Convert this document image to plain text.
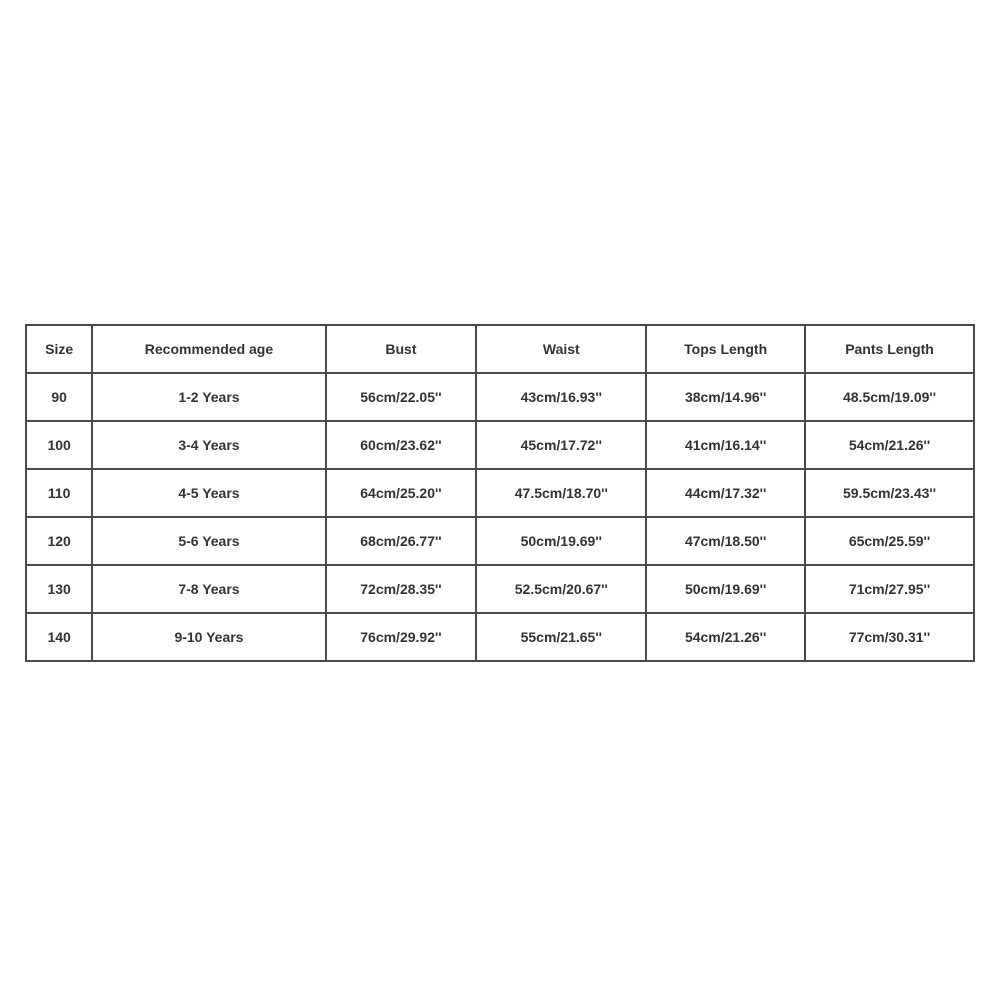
Size	Recommended age	Bust	Waist	Tops Length	Pants Length
90	1-2 Years	56cm/22.05''	43cm/16.93''	38cm/14.96''	48.5cm/19.09''
100	3-4 Years	60cm/23.62''	45cm/17.72''	41cm/16.14''	54cm/21.26''
110	4-5 Years	64cm/25.20''	47.5cm/18.70''	44cm/17.32''	59.5cm/23.43''
120	5-6 Years	68cm/26.77''	50cm/19.69''	47cm/18.50''	65cm/25.59''
130	7-8 Years	72cm/28.35''	52.5cm/20.67''	50cm/19.69''	71cm/27.95''
140	9-10 Years	76cm/29.92''	55cm/21.65''	54cm/21.26''	77cm/30.31''
